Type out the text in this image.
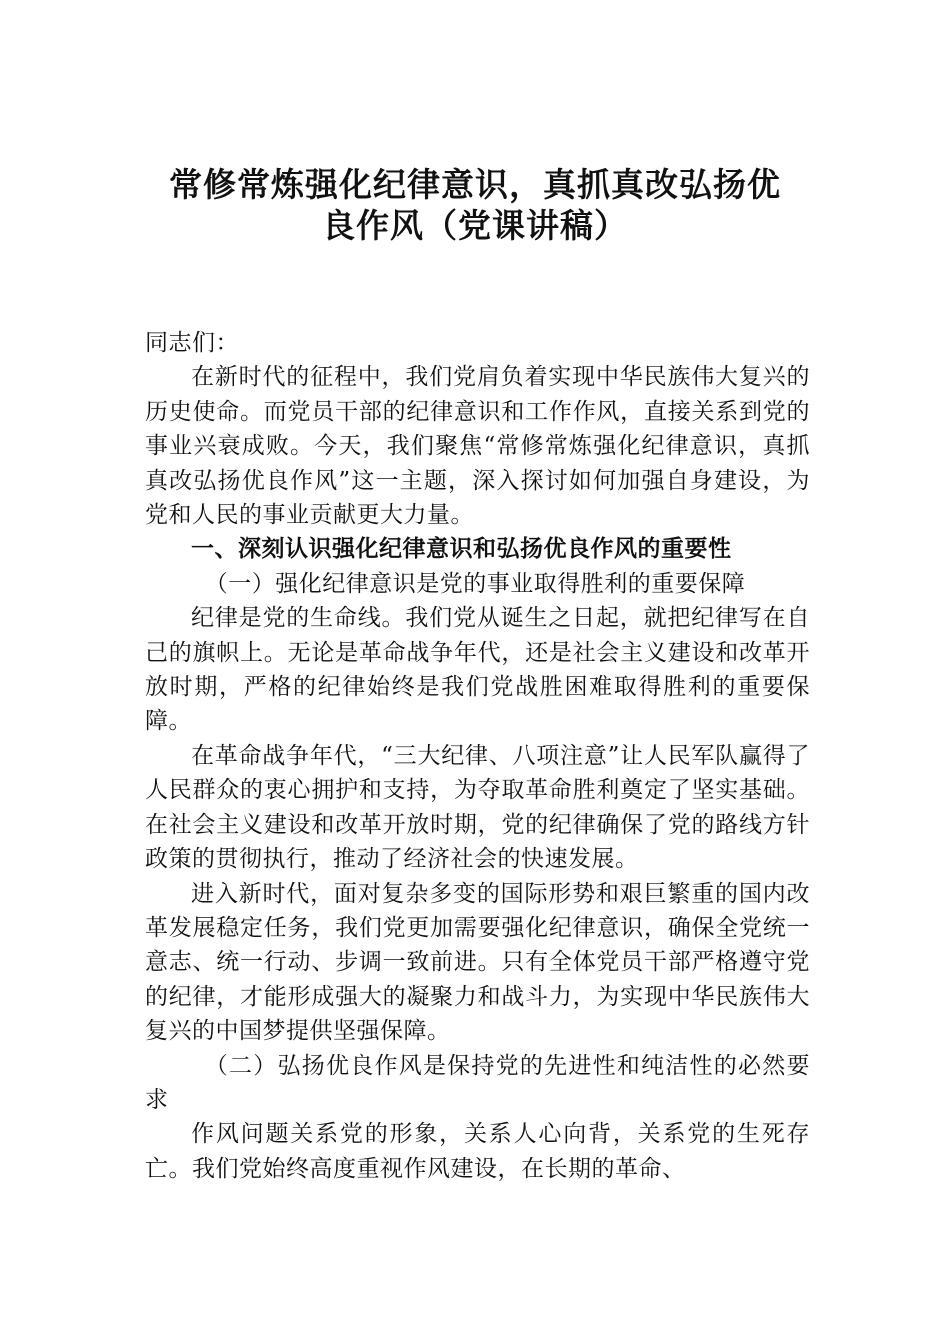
常修常炼强化纪律意识，真抓真改弘扬优
良作风（党课讲稿）

同志们：

在新时代的征程中，我们党肩负着实现中华民族伟大复兴的历史使命。而党员干部的纪律意识和工作作风，直接关系到党的事业兴衰成败。今天，我们聚焦“常修常炼强化纪律意识，真抓真改弘扬优良作风”这一主题，深入探讨如何加强自身建设，为党和人民的事业贡献更大力量。

一、深刻认识强化纪律意识和弘扬优良作风的重要性

（一）强化纪律意识是党的事业取得胜利的重要保障

纪律是党的生命线。我们党从诞生之日起，就把纪律写在自己的旗帜上。无论是革命战争年代，还是社会主义建设和改革开放时期，严格的纪律始终是我们党战胜困难取得胜利的重要保障。

在革命战争年代，“三大纪律、八项注意”让人民军队赢得了人民群众的衷心拥护和支持，为夺取革命胜利奠定了坚实基础。在社会主义建设和改革开放时期，党的纪律确保了党的路线方针政策的贯彻执行，推动了经济社会的快速发展。

进入新时代，面对复杂多变的国际形势和艰巨繁重的国内改革发展稳定任务，我们党更加需要强化纪律意识，确保全党统一意志、统一行动、步调一致前进。只有全体党员干部严格遵守党的纪律，才能形成强大的凝聚力和战斗力，为实现中华民族伟大复兴的中国梦提供坚强保障。

（二）弘扬优良作风是保持党的先进性和纯洁性的必然要求

作风问题关系党的形象，关系人心向背，关系党的生死存亡。我们党始终高度重视作风建设，在长期的革命、
